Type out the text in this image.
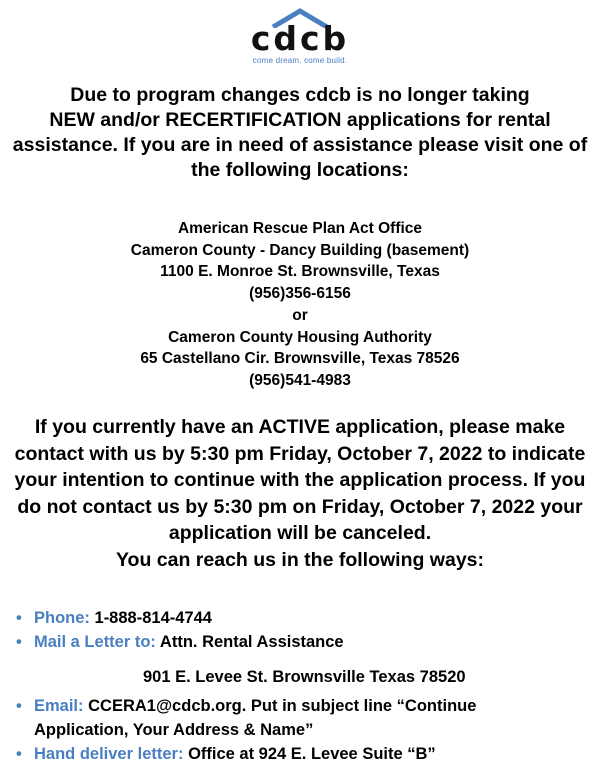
cdcb
come dream. come build.
Due to program changes cdcb is no longer taking
NEW and/or RECERTIFICATION applications for rental
assistance. If you are in need of assistance please visit one of
the following locations:
American Rescue Plan Act Office
Cameron County - Dancy Building (basement)
1100 E. Monroe St. Brownsville, Texas
(956)356-6156
or
Cameron County Housing Authority
65 Castellano Cir. Brownsville, Texas 78526
(956)541-4983
If you currently have an ACTIVE application, please make
contact with us by 5:30 pm Friday, October 7, 2022 to indicate
your intention to continue with the application process. If you
do not contact us by 5:30 pm on Friday, October 7, 2022 your
application will be canceled.
You can reach us in the following ways:
• Phone: 1-888-814-4744
• Mail a Letter to: Attn. Rental Assistance
901 E. Levee St. Brownsville Texas 78520
• Email: CCERA1@cdcb.org. Put in subject line “Continue
Application, Your Address & Name”
• Hand deliver letter: Office at 924 E. Levee Suite “B”
